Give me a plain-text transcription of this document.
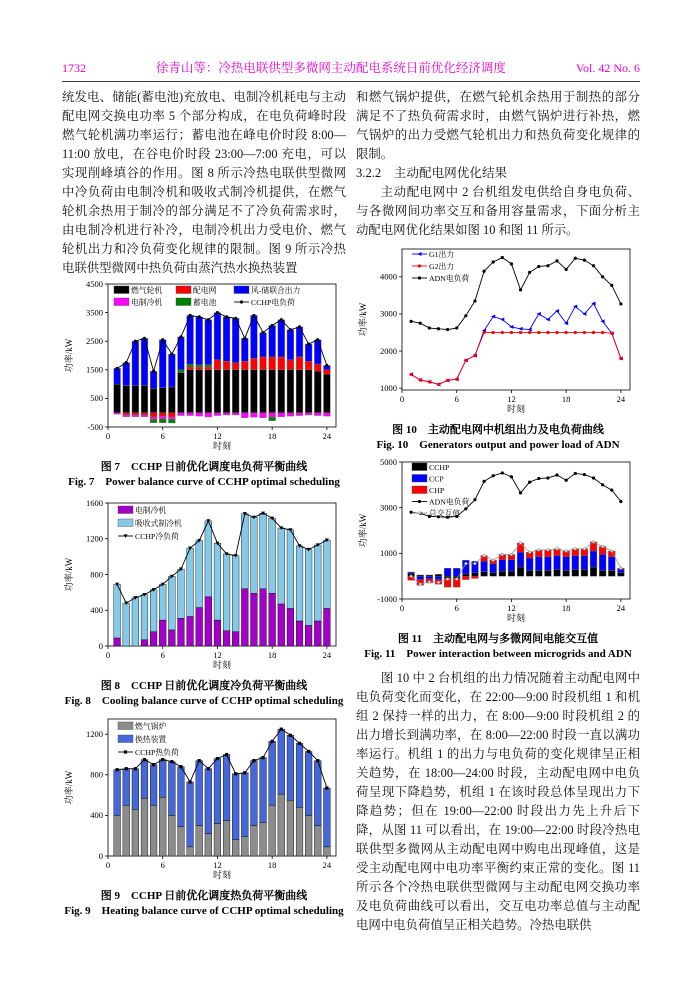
1732	徐青山等：冷热电联供型多微网主动配电系统日前优化经济调度	Vol. 42 No. 6

统发电、储能(蓄电池)充放电、电制冷机耗电与主动配电网交换电功率 5 个部分构成，在电负荷峰时段燃气轮机满功率运行；蓄电池在峰电价时段 8:00—11:00 放电，在谷电价时段 23:00—7:00 充电，可以实现削峰填谷的作用。图 8 所示冷热电联供型微网中冷负荷由电制冷机和吸收式制冷机提供，在燃气轮机余热用于制冷的部分满足不了冷负荷需求时，由电制冷机进行补冷，电制冷机出力受电价、燃气轮机出力和冷负荷变化规律的限制。图 9 所示冷热电联供型微网中热负荷由蒸汽热水换热装置

-500
500
1500
2500
3500
4500
0	6	12	18	24
功率/kW
时刻
燃气轮机	配电网	风-储联合出力
电制冷机	蓄电池	CCHP电负荷
图 7　CCHP 日前优化调度电负荷平衡曲线
Fig. 7　Power balance curve of CCHP optimal scheduling
0
400
800
1200
1600
0	6	12	18	24
功率/kW
时刻
电制冷机
吸收式制冷机
CCHP冷负荷
图 8　CCHP 日前优化调度冷负荷平衡曲线
Fig. 8　Cooling balance curve of CCHP optimal scheduling
0
400
800
1200
0	6	12	18	24
功率/kW
时刻
燃气锅炉
换热装置
CCHP热负荷
图 9　CCHP 日前优化调度热负荷平衡曲线
Fig. 9　Heating balance curve of CCHP optimal scheduling

和燃气锅炉提供，在燃气轮机余热用于制热的部分满足不了热负荷需求时，由燃气锅炉进行补热，燃气锅炉的出力受燃气轮机出力和热负荷变化规律的限制。

3.2.2　主动配电网优化结果

主动配电网中 2 台机组发电供给自身电负荷、与各微网间功率交互和备用容量需求，下面分析主动配电网优化结果如图 10 和图 11 所示。

1000
2000
3000
4000
0	6	12	18	24
功率/kW
时刻
G1出力
G2出力
ADN电负荷
图 10　主动配电网中机组出力及电负荷曲线
Fig. 10　Generators output and power load of ADN
-1000
1000
3000
5000
0	6	12	18	24
功率/kW
时刻
CCHP
CCP
CHP
ADN电负荷
总交互值
图 11　主动配电网与多微网间电能交互值
Fig. 11　Power interaction between microgrids and ADN

图 10 中 2 台机组的出力情况随着主动配电网中电负荷变化而变化，在 22:00—9:00 时段机组 1 和机组 2 保持一样的出力，在 8:00—9:00 时段机组 2 的出力增长到满功率，在 8:00—22:00 时段一直以满功率运行。机组 1 的出力与电负荷的变化规律呈正相关趋势，在 18:00—24:00 时段，主动配电网中电负荷呈现下降趋势，机组 1 在该时段总体呈现出力下降趋势；但在 19:00—22:00 时段出力先上升后下降，从图 11 可以看出，在 19:00—22:00 时段冷热电联供型多微网从主动配电网中购电出现峰值，这是受主动配电网中电功率平衡约束正常的变化。图 11 所示各个冷热电联供型微网与主动配电网交换功率及电负荷曲线可以看出，交互电功率总值与主动配电网中电负荷值呈正相关趋势。冷热电联供
